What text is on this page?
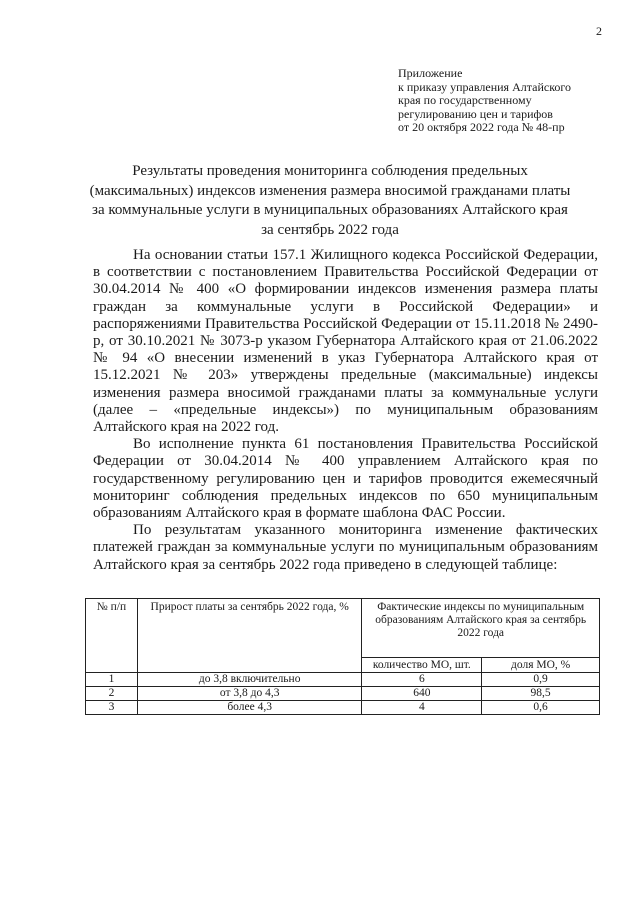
2
Приложение
к приказу управления Алтайского
края по государственному
регулированию цен и тарифов
от 20 октября 2022 года № 48-пр
Результаты проведения мониторинга соблюдения предельных
(максимальных) индексов изменения размера вносимой гражданами платы
за коммунальные услуги в муниципальных образованиях Алтайского края
за сентябрь 2022 года

На основании статьи 157.1 Жилищного кодекса Российской Федерации, в соответствии с постановлением Правительства Российской Федерации от 30.04.2014 № 400 «О формировании индексов изменения размера платы граждан за коммунальные услуги в Российской Федерации» и распоряжениями Правительства Российской Федерации от 15.11.2018 № 2490-р, от 30.10.2021 № 3073-р указом Губернатора Алтайского края от 21.06.2022 № 94 «О внесении изменений в указ Губернатора Алтайского края от 15.12.2021 № 203» утверждены предельные (максимальные) индексы изменения размера вносимой гражданами платы за коммунальные услуги (далее – «предельные индексы») по муниципальным образованиям Алтайского края на 2022 год.

Во исполнение пункта 61 постановления Правительства Российской Федерации от 30.04.2014 № 400 управлением Алтайского края по государственному регулированию цен и тарифов проводится ежемесячный мониторинг соблюдения предельных индексов по 650 муниципальным образованиям Алтайского края в формате шаблона ФАС России.

По результатам указанного мониторинга изменение фактических платежей граждан за коммунальные услуги по муниципальным образованиям Алтайского края за сентябрь 2022 года приведено в следующей таблице:

№ п/п	Прирост платы за сентябрь 2022 года, %	Фактические индексы по муниципальным образованиям Алтайского края за сентябрь 2022 года	
		количество МО, шт.	доля МО, %
1	до 3,8 включительно	6	0,9
2	от 3,8 до 4,3	640	98,5
3	более 4,3	4	0,6
